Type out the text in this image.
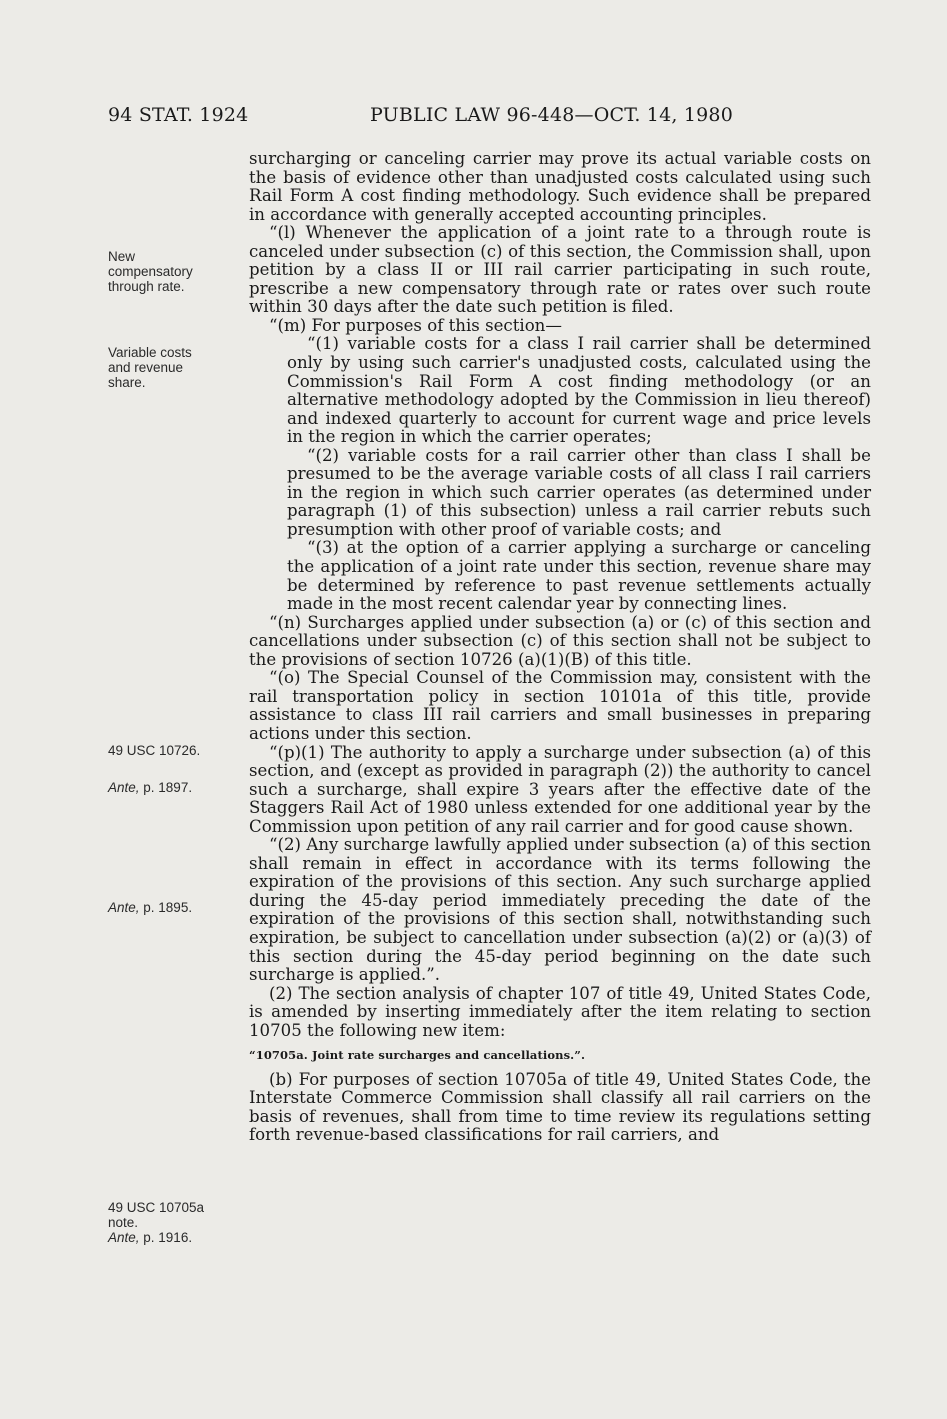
94 STAT. 1924	PUBLIC LAW 96-448—OCT. 14, 1980
New compensatory through rate.
Variable costs and revenue share.
49 USC 10726.
Ante, p. 1897.
Ante, p. 1895.
49 USC 10705a note.
Ante, p. 1916.

surcharging or canceling carrier may prove its actual variable costs on the basis of evidence other than unadjusted costs calculated using such Rail Form A cost finding methodology. Such evidence shall be prepared in accordance with generally accepted accounting principles.

“(l) Whenever the application of a joint rate to a through route is canceled under subsection (c) of this section, the Commission shall, upon petition by a class II or III rail carrier participating in such route, prescribe a new compensatory through rate or rates over such route within 30 days after the date such petition is filed.

“(m) For purposes of this section—

“(1) variable costs for a class I rail carrier shall be determined only by using such carrier's unadjusted costs, calculated using the Commission's Rail Form A cost finding methodology (or an alternative methodology adopted by the Commission in lieu thereof) and indexed quarterly to account for current wage and price levels in the region in which the carrier operates;

“(2) variable costs for a rail carrier other than class I shall be presumed to be the average variable costs of all class I rail carriers in the region in which such carrier operates (as determined under paragraph (1) of this subsection) unless a rail carrier rebuts such presumption with other proof of variable costs; and

“(3) at the option of a carrier applying a surcharge or canceling the application of a joint rate under this section, revenue share may be determined by reference to past revenue settlements actually made in the most recent calendar year by connecting lines.

“(n) Surcharges applied under subsection (a) or (c) of this section and cancellations under subsection (c) of this section shall not be subject to the provisions of section 10726 (a)(1)(B) of this title.

“(o) The Special Counsel of the Commission may, consistent with the rail transportation policy in section 10101a of this title, provide assistance to class III rail carriers and small businesses in preparing actions under this section.

“(p)(1) The authority to apply a surcharge under subsection (a) of this section, and (except as provided in paragraph (2)) the authority to cancel such a surcharge, shall expire 3 years after the effective date of the Staggers Rail Act of 1980 unless extended for one additional year by the Commission upon petition of any rail carrier and for good cause shown.

“(2) Any surcharge lawfully applied under subsection (a) of this section shall remain in effect in accordance with its terms following the expiration of the provisions of this section. Any such surcharge applied during the 45-day period immediately preceding the date of the expiration of the provisions of this section shall, notwithstanding such expiration, be subject to cancellation under subsection (a)(2) or (a)(3) of this section during the 45-day period beginning on the date such surcharge is applied.”.

(2) The section analysis of chapter 107 of title 49, United States Code, is amended by inserting immediately after the item relating to section 10705 the following new item:

“10705a. Joint rate surcharges and cancellations.”.

(b) For purposes of section 10705a of title 49, United States Code, the Interstate Commerce Commission shall classify all rail carriers on the basis of revenues, shall from time to time review its regulations setting forth revenue-based classifications for rail carriers, and
